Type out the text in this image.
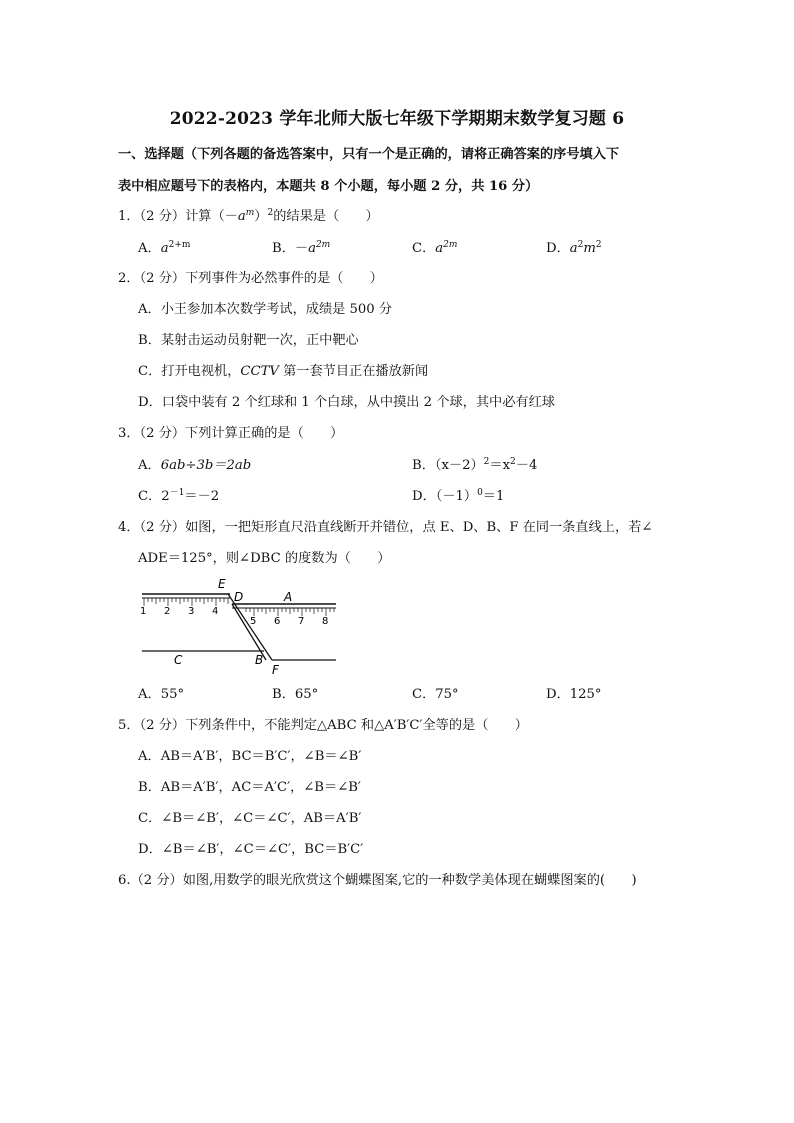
2022-2023 学年北师大版七年级下学期期末数学复习题 6
一、选择题（下列各题的备选答案中，只有一个是正确的，请将正确答案的序号填入下
表中相应题号下的表格内，本题共 8 个小题，每小题 2 分，共 16 分）
1．（2 分）计算$(-a^m)^2$的结果是（　　）
A．$a^{2+m}$	B．$-a^{2m}$	C．$a^{2m}$	D．$a^2m^2$
2．（2 分）下列事件为必然事件的是（　　）
A．小王参加本次数学考试，成绩是 500 分
B．某射击运动员射靶一次，正中靶心
C．打开电视机，CCTV 第一套节目正在播放新闻
D．口袋中装有 2 个红球和 1 个白球，从中摸出 2 个球，其中必有红球
3．（2 分）下列计算正确的是（　　）
A．6ab÷3b＝2ab	B．$(x-2)^2=x^2-4$
C．$2^{-1}=-2$	D．$(-1)^0=1$
4．（2 分）如图，一把矩形直尺沿直线断开并错位，点 E、D、B、F 在同一条直线上，若∠
ADE＝125°，则∠DBC 的度数为（　　）
1 2 3 4
5 6 7 8
E
D	A
C	B
F
A．55°	B．65°	C．75°	D．125°
5．（2 分）下列条件中，不能判定△ABC 和△A′B′C′全等的是（　　）
A．AB＝A′B′，BC＝B′C′，∠B＝∠B′
B．AB＝A′B′，AC＝A′C′，∠B＝∠B′
C．∠B＝∠B′，∠C＝∠C′，AB＝A′B′
D．∠B＝∠B′，∠C＝∠C′，BC＝B′C′
6.（2 分）如图,用数学的眼光欣赏这个蝴蝶图案,它的一种数学美体现在蝴蝶图案的(　　)
